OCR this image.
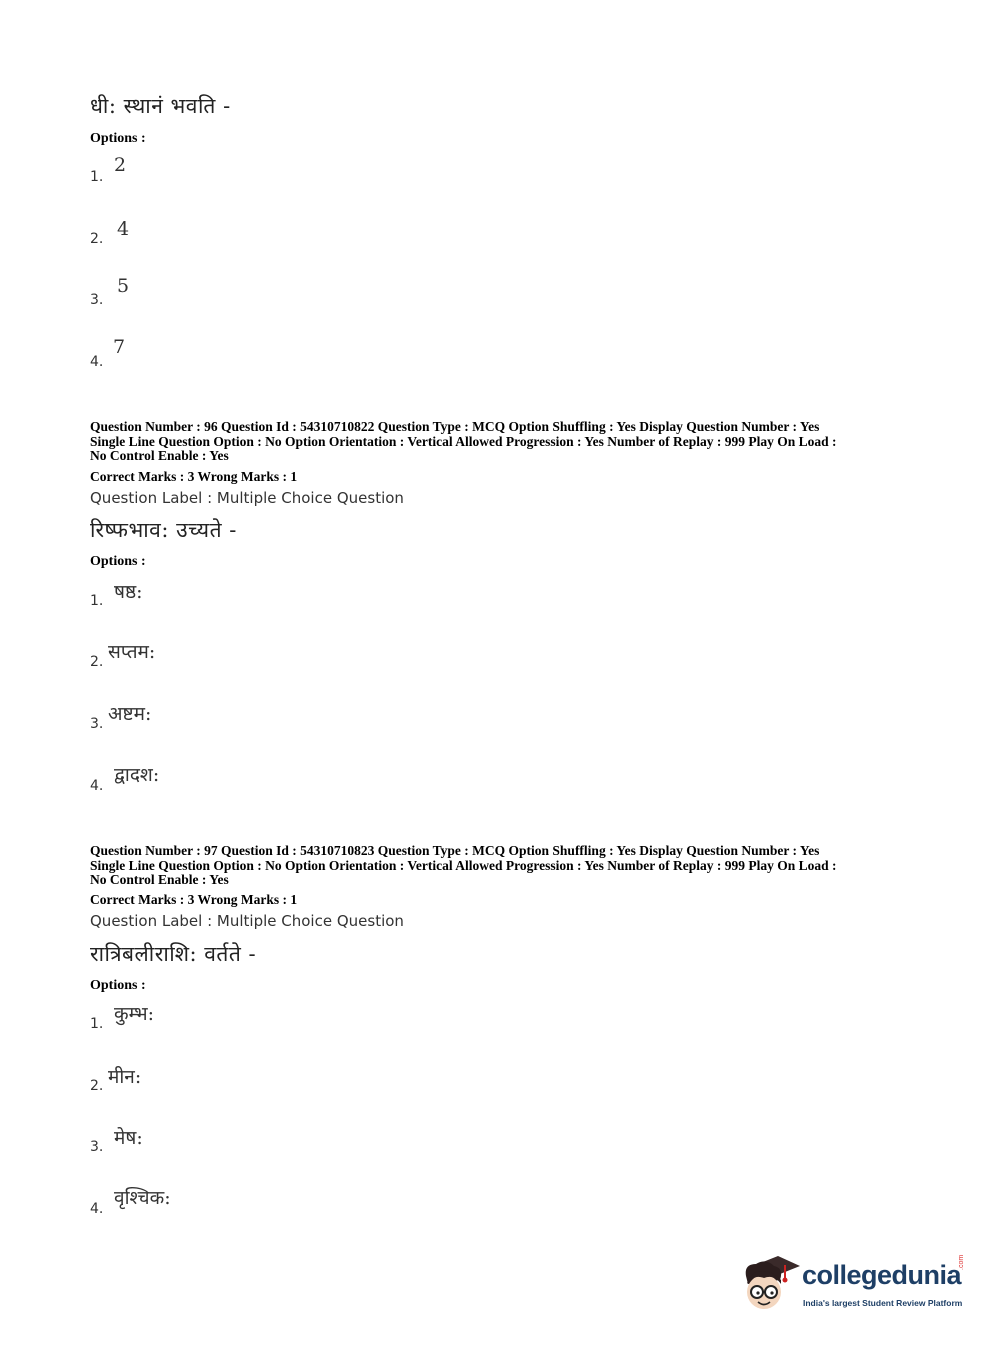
धी: स्थानं भवति -
Options :
1.
2
2. 4
3.
5
4.
7
Question Number : 96 Question Id : 54310710822 Question Type : MCQ Option Shuffling : Yes Display Question Number : Yes
Single Line Question Option : No Option Orientation : Vertical Allowed Progression : Yes Number of Replay : 999 Play On Load :
No Control Enable : Yes
Correct Marks : 3 Wrong Marks : 1
Question Label : Multiple Choice Question
रिष्फभाव: उच्यते -
Options :
1. षष्ठ:
2. सप्तम:
3. अष्टम:
4. द्वादश:
Question Number : 97 Question Id : 54310710823 Question Type : MCQ Option Shuffling : Yes Display Question Number : Yes
Single Line Question Option : No Option Orientation : Vertical Allowed Progression : Yes Number of Replay : 999 Play On Load :
No Control Enable : Yes
Correct Marks : 3 Wrong Marks : 1
Question Label : Multiple Choice Question
रात्रिबलीराशि: वर्तते -
Options :
1. कुम्भ:
2. मीन:
3. मेष:
4. वृश्चिक:
collegedunia
.com
India's largest Student Review Platform
